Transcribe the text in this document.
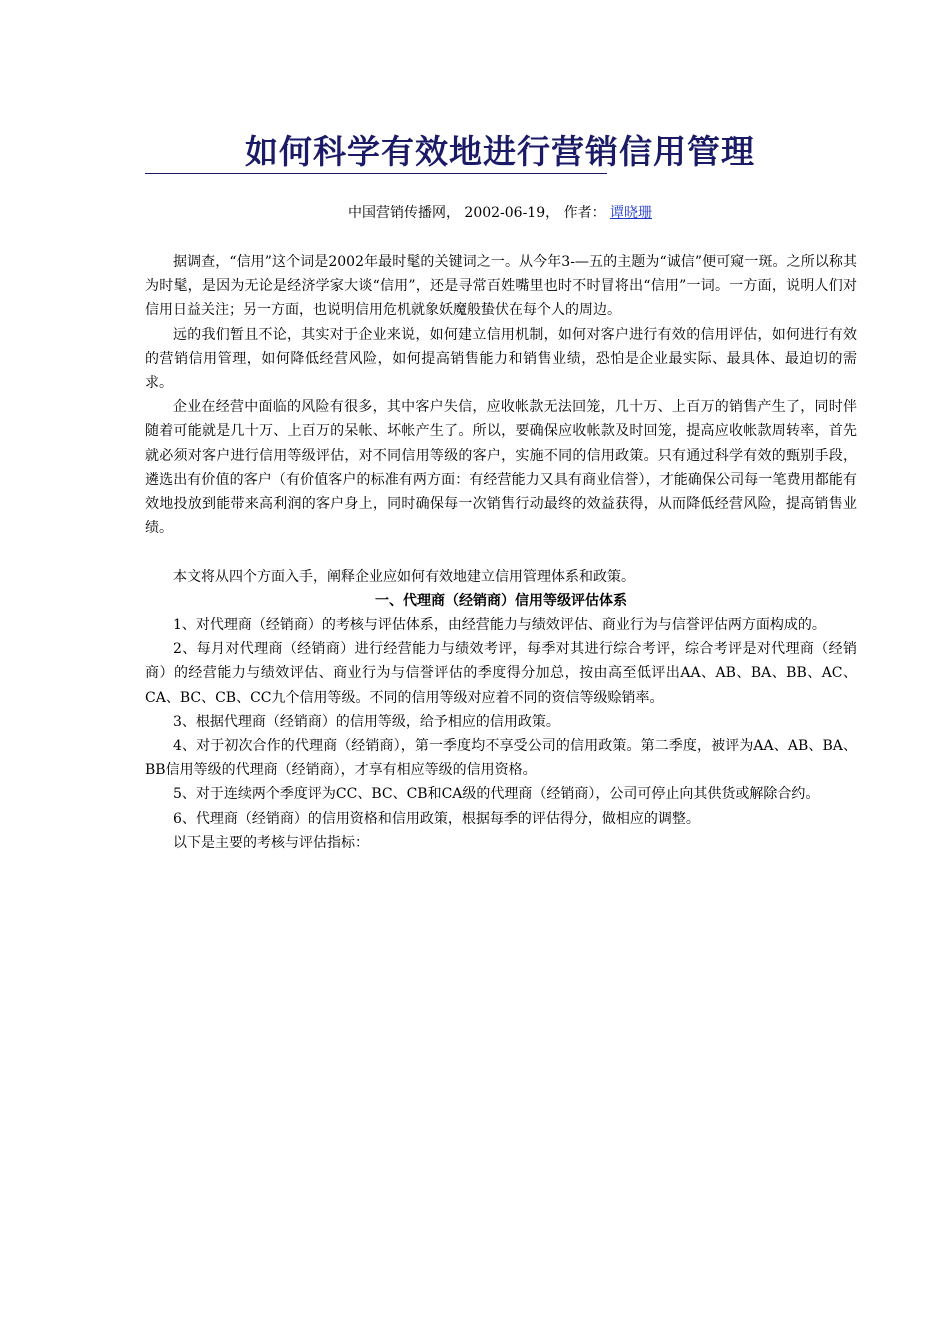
如何科学有效地进行营销信用管理
中国营销传播网， 2002-06-19， 作者： 谭晓珊

据调查，“信用”这个词是2002年最时髦的关键词之一。从今年3-—五的主题为“诚信”便可窥一斑。之所以称其为时髦，是因为无论是经济学家大谈“信用”，还是寻常百姓嘴里也时不时冒将出“信用”一词。一方面，说明人们对信用日益关注；另一方面，也说明信用危机就象妖魔般蛰伏在每个人的周边。

远的我们暂且不论，其实对于企业来说，如何建立信用机制，如何对客户进行有效的信用评估，如何进行有效的营销信用管理，如何降低经营风险，如何提高销售能力和销售业绩，恐怕是企业最实际、最具体、最迫切的需求。

企业在经营中面临的风险有很多，其中客户失信，应收帐款无法回笼，几十万、上百万的销售产生了，同时伴随着可能就是几十万、上百万的呆帐、坏帐产生了。所以，要确保应收帐款及时回笼，提高应收帐款周转率，首先就必须对客户进行信用等级评估，对不同信用等级的客户，实施不同的信用政策。只有通过科学有效的甄别手段，遴选出有价值的客户（有价值客户的标准有两方面：有经营能力又具有商业信誉），才能确保公司每一笔费用都能有效地投放到能带来高利润的客户身上，同时确保每一次销售行动最终的效益获得，从而降低经营风险，提高销售业绩。

本文将从四个方面入手，阐释企业应如何有效地建立信用管理体系和政策。

一、代理商（经销商）信用等级评估体系

1、对代理商（经销商）的考核与评估体系，由经营能力与绩效评估、商业行为与信誉评估两方面构成的。

2、每月对代理商（经销商）进行经营能力与绩效考评，每季对其进行综合考评，综合考评是对代理商（经销商）的经营能力与绩效评估、商业行为与信誉评估的季度得分加总，按由高至低评出AA、AB、BA、BB、AC、CA、BC、CB、CC九个信用等级。不同的信用等级对应着不同的资信等级赊销率。

3、根据代理商（经销商）的信用等级，给予相应的信用政策。

4、对于初次合作的代理商（经销商），第一季度均不享受公司的信用政策。第二季度，被评为AA、AB、BA、BB信用等级的代理商（经销商），才享有相应等级的信用资格。

5、对于连续两个季度评为CC、BC、CB和CA级的代理商（经销商），公司可停止向其供货或解除合约。

6、代理商（经销商）的信用资格和信用政策，根据每季的评估得分，做相应的调整。

以下是主要的考核与评估指标：
